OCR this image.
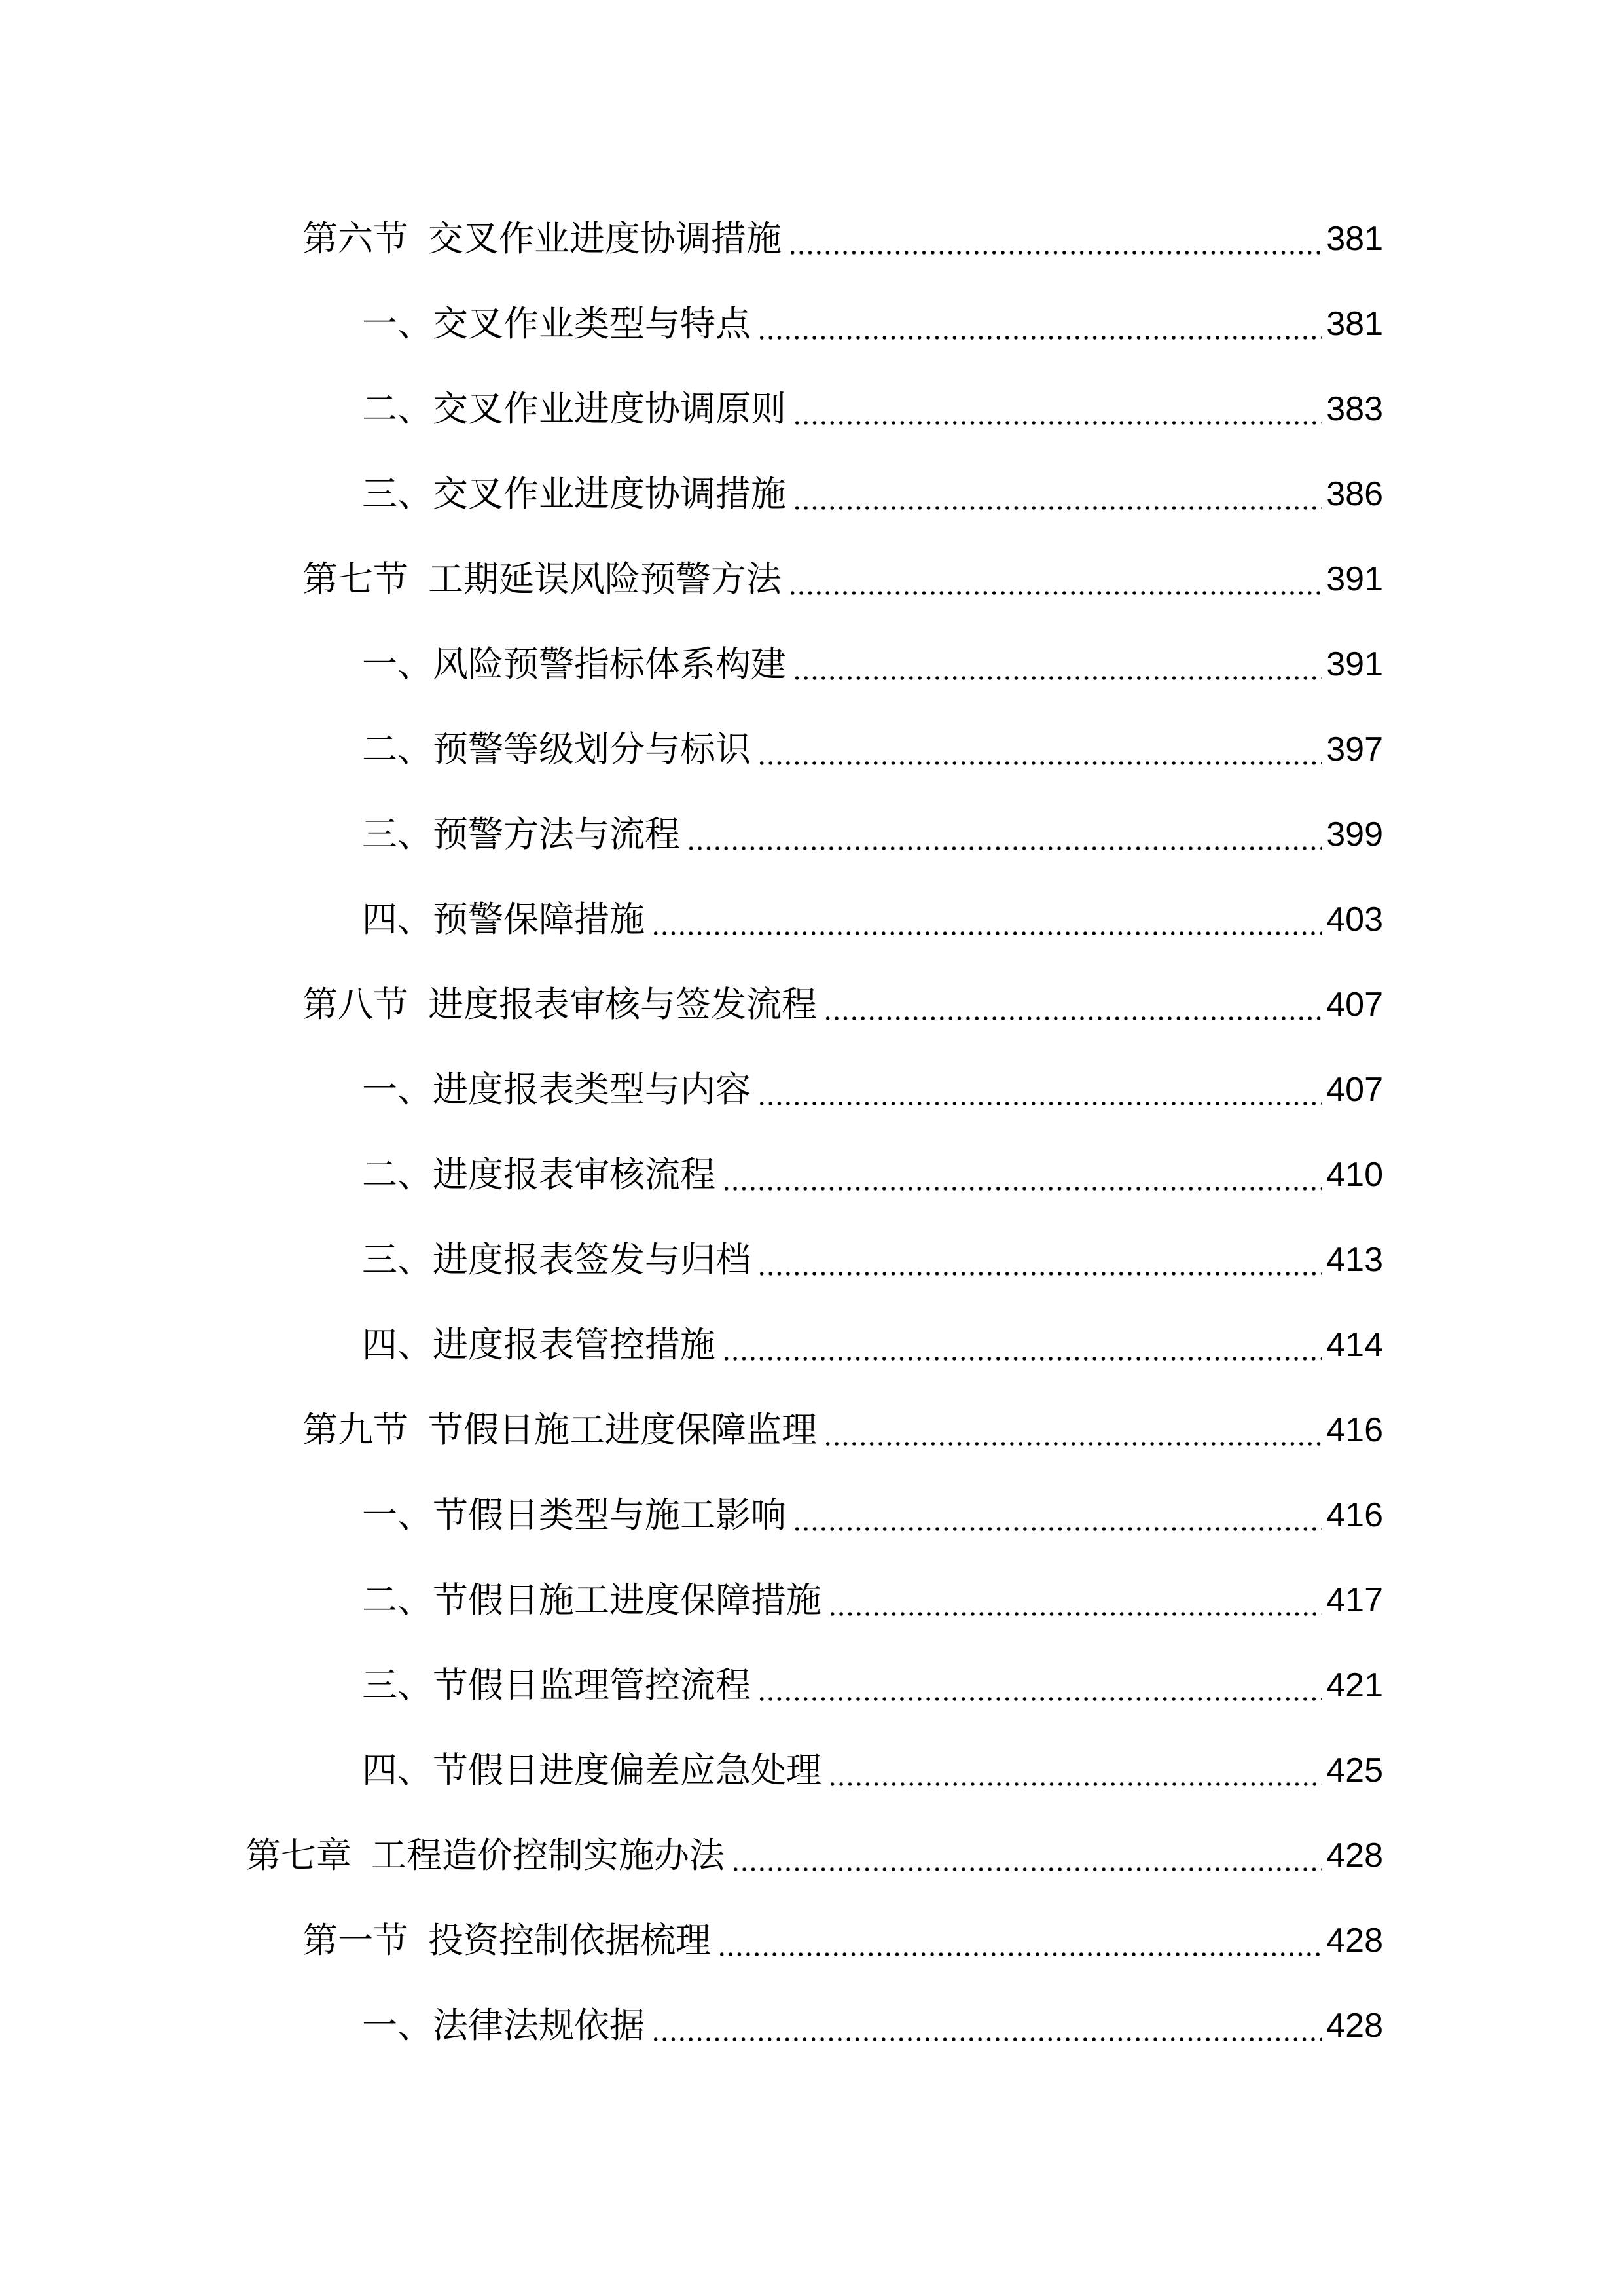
第六节 交叉作业进度协调措施	381
一、交叉作业类型与特点	381
二、交叉作业进度协调原则	383
三、交叉作业进度协调措施	386
第七节 工期延误风险预警方法	391
一、风险预警指标体系构建	391
二、预警等级划分与标识	397
三、预警方法与流程	399
四、预警保障措施	403
第八节 进度报表审核与签发流程	407
一、进度报表类型与内容	407
二、进度报表审核流程	410
三、进度报表签发与归档	413
四、进度报表管控措施	414
第九节 节假日施工进度保障监理	416
一、节假日类型与施工影响	416
二、节假日施工进度保障措施	417
三、节假日监理管控流程	421
四、节假日进度偏差应急处理	425
第七章 工程造价控制实施办法	428
第一节 投资控制依据梳理	428
一、法律法规依据	428
